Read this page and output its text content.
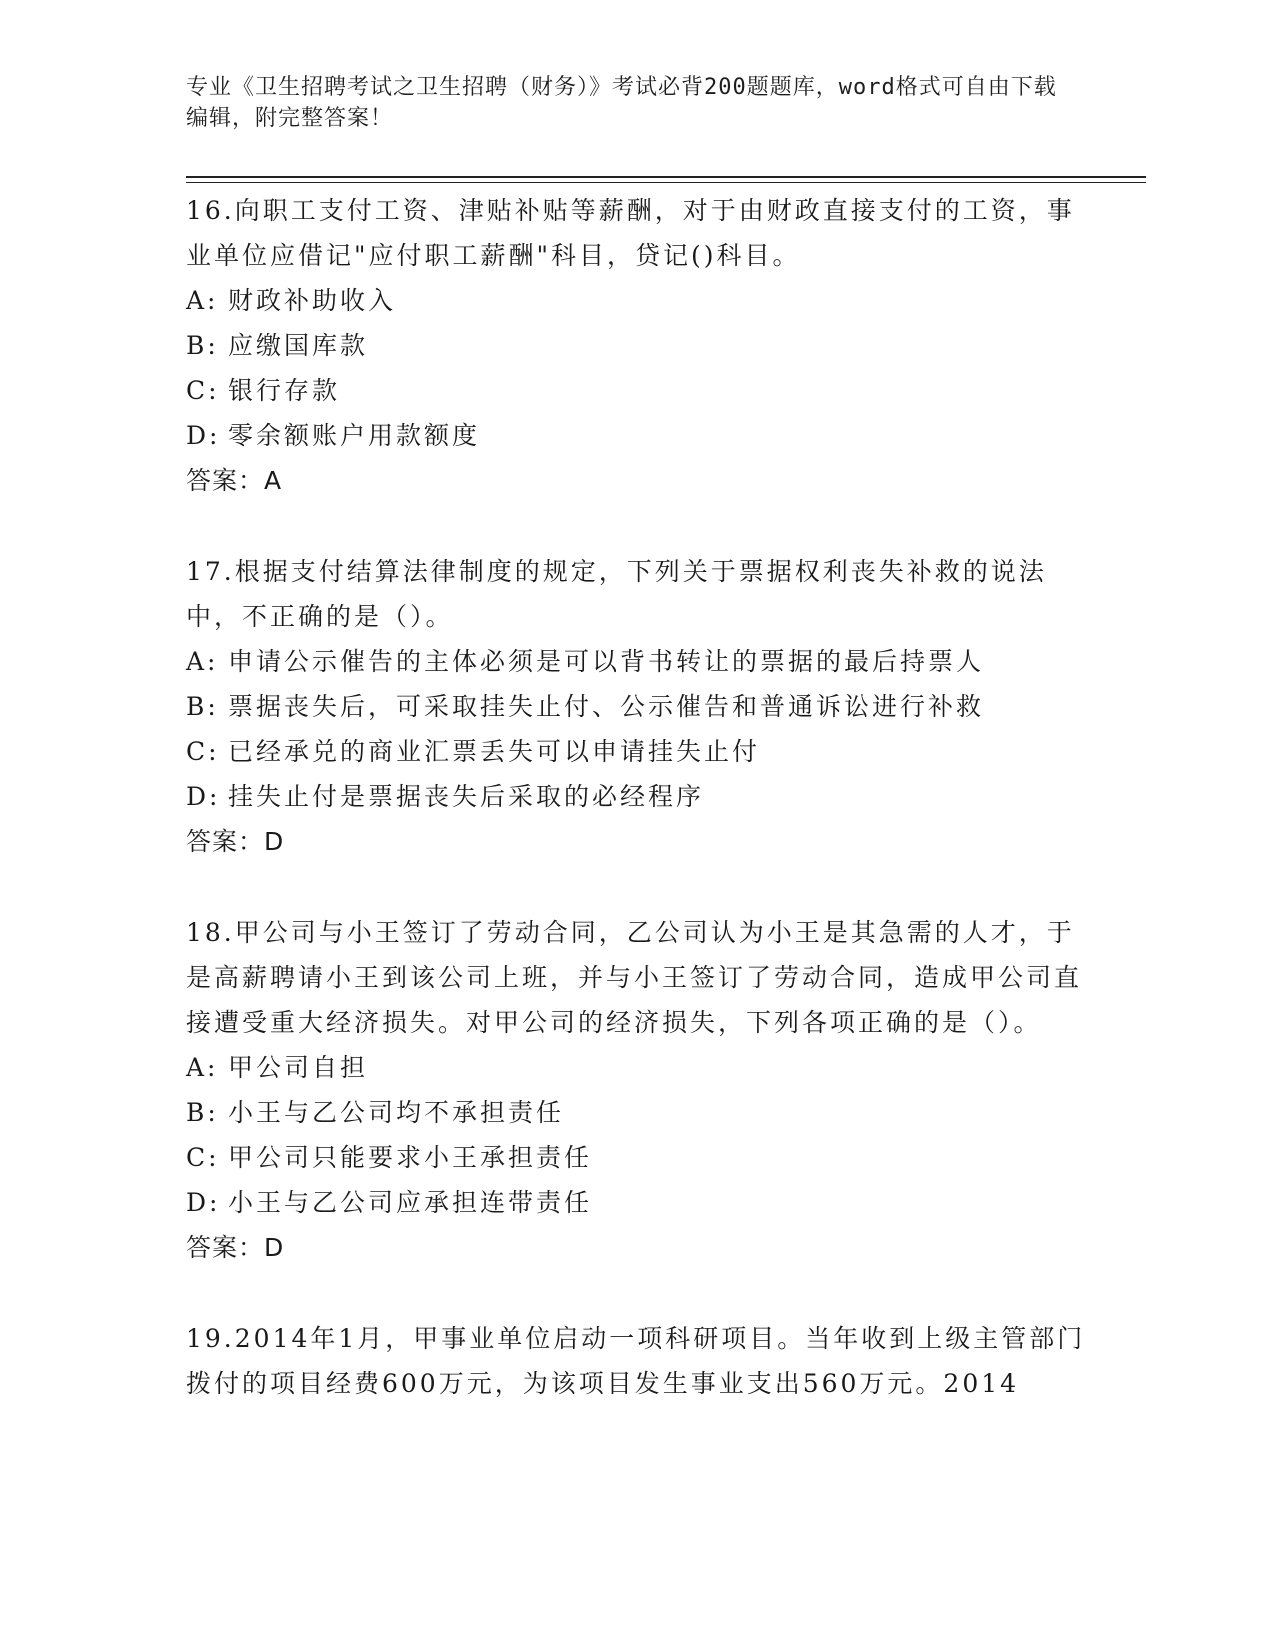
专业《卫生招聘考试之卫生招聘（财务）》考试必背200题题库，word格式可自由下载编辑，附完整答案！

16.向职工支付工资、津贴补贴等薪酬，对于由财政直接支付的工资，事业单位应借记"应付职工薪酬"科目，贷记()科目。

A: 财政补助收入
B: 应缴国库款
C: 银行存款
D: 零余额账户用款额度

答案：A

17.根据支付结算法律制度的规定，下列关于票据权利丧失补救的说法中，不正确的是（）。

A: 申请公示催告的主体必须是可以背书转让的票据的最后持票人
B: 票据丧失后，可采取挂失止付、公示催告和普通诉讼进行补救
C: 已经承兑的商业汇票丢失可以申请挂失止付
D: 挂失止付是票据丧失后采取的必经程序

答案：D

18.甲公司与小王签订了劳动合同，乙公司认为小王是其急需的人才，于是高薪聘请小王到该公司上班，并与小王签订了劳动合同，造成甲公司直接遭受重大经济损失。对甲公司的经济损失，下列各项正确的是（）。

A: 甲公司自担
B: 小王与乙公司均不承担责任
C: 甲公司只能要求小王承担责任
D: 小王与乙公司应承担连带责任

答案：D

19.2014年1月，甲事业单位启动一项科研项目。当年收到上级主管部门拨付的项目经费600万元，为该项目发生事业支出560万元。2014
